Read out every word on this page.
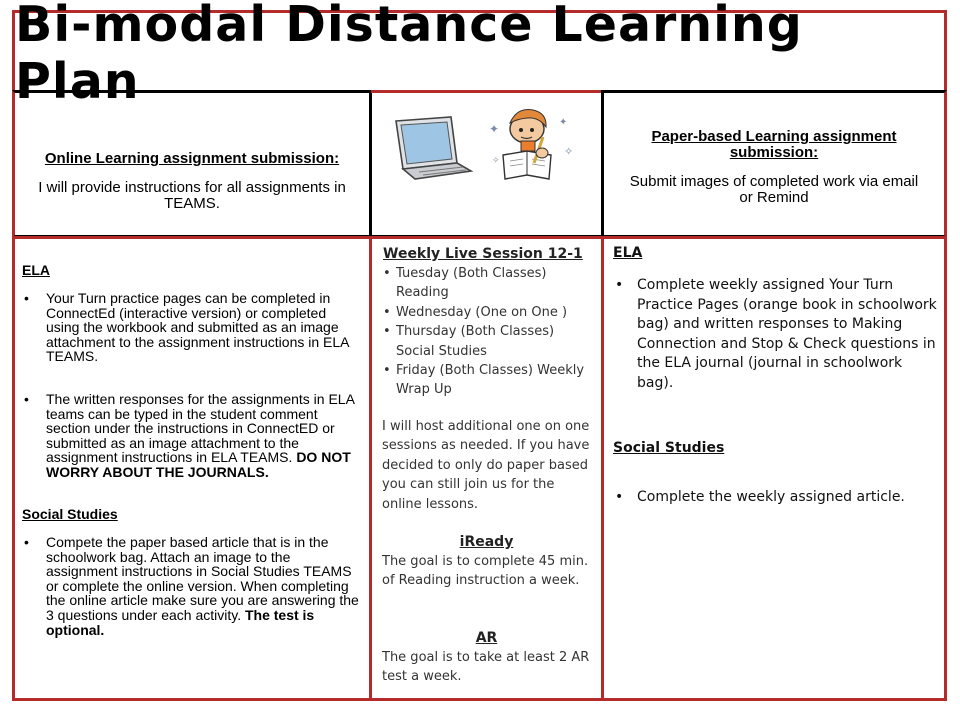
Bi-modal Distance Learning Plan
Online Learning assignment submission:
I will provide instructions for all assignments in TEAMS.
✦	✦
✧
✧
Paper-based Learning assignment submission:
Submit images of completed work via email or Remind
ELA
• Your Turn practice pages can be completed in ConnectEd (interactive version) or completed using the workbook and submitted as an image attachment to the assignment instructions in ELA TEAMS.
• The written responses for the assignments in ELA teams can be typed in the student comment section under the instructions in ConnectED or submitted as an image attachment to the assignment instructions in ELA TEAMS. DO NOT WORRY ABOUT THE JOURNALS.
Social Studies
• Compete the paper based article that is in the schoolwork bag. Attach an image to the assignment instructions in Social Studies TEAMS or complete the online version. When completing the online article make sure you are answering the 3 questions under each activity. The test is optional.
Weekly Live Session 12-1
• Tuesday (Both Classes) Reading
• Wednesday (One on One )
• Thursday (Both Classes) Social Studies
• Friday (Both Classes) Weekly Wrap Up
I will host additional one on one sessions as needed. If you have decided to only do paper based you can still join us for the online lessons.
iReady
The goal is to complete 45 min. of Reading instruction a week.
AR
The goal is to take at least 2 AR test a week.
ELA
• Complete weekly assigned Your Turn Practice Pages (orange book in schoolwork bag) and written responses to Making Connection and Stop & Check questions in the ELA journal (journal in schoolwork bag).
Social Studies
• Complete the weekly assigned article.
